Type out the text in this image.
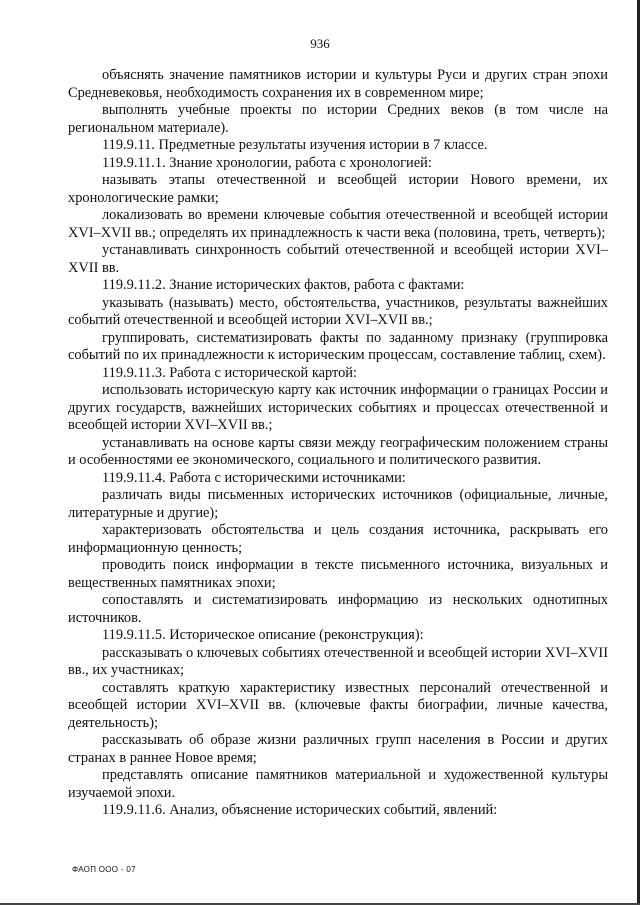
936

объяснять значение памятников истории и культуры Руси и других стран эпохи Средневековья, необходимость сохранения их в современном мире;

выполнять учебные проекты по истории Средних веков (в том числе на региональном материале).

119.9.11. Предметные результаты изучения истории в 7 классе.

119.9.11.1. Знание хронологии, работа с хронологией:

называть этапы отечественной и всеобщей истории Нового времени, их хронологические рамки;

локализовать во времени ключевые события отечественной и всеобщей истории XVI–XVII вв.; определять их принадлежность к части века (половина, треть, четверть);

устанавливать синхронность событий отечественной и всеобщей истории XVI–XVII вв.

119.9.11.2. Знание исторических фактов, работа с фактами:

указывать (называть) место, обстоятельства, участников, результаты важнейших событий отечественной и всеобщей истории XVI–XVII вв.;

группировать, систематизировать факты по заданному признаку (группировка событий по их принадлежности к историческим процессам, составление таблиц, схем).

119.9.11.3. Работа с исторической картой:

использовать историческую карту как источник информации о границах России и других государств, важнейших исторических событиях и процессах отечественной и всеобщей истории XVI–XVII вв.;

устанавливать на основе карты связи между географическим положением страны и особенностями ее экономического, социального и политического развития.

119.9.11.4. Работа с историческими источниками:

различать виды письменных исторических источников (официальные, личные, литературные и другие);

характеризовать обстоятельства и цель создания источника, раскрывать его информационную ценность;

проводить поиск информации в тексте письменного источника, визуальных и вещественных памятниках эпохи;

сопоставлять и систематизировать информацию из нескольких однотипных источников.

119.9.11.5. Историческое описание (реконструкция):

рассказывать о ключевых событиях отечественной и всеобщей истории XVI–XVII вв., их участниках;

составлять краткую характеристику известных персоналий отечественной и всеобщей истории XVI–XVII вв. (ключевые факты биографии, личные качества, деятельность);

рассказывать об образе жизни различных групп населения в России и других странах в раннее Новое время;

представлять описание памятников материальной и художественной культуры изучаемой эпохи.

119.9.11.6. Анализ, объяснение исторических событий, явлений:

ФАОП ООО - 07
